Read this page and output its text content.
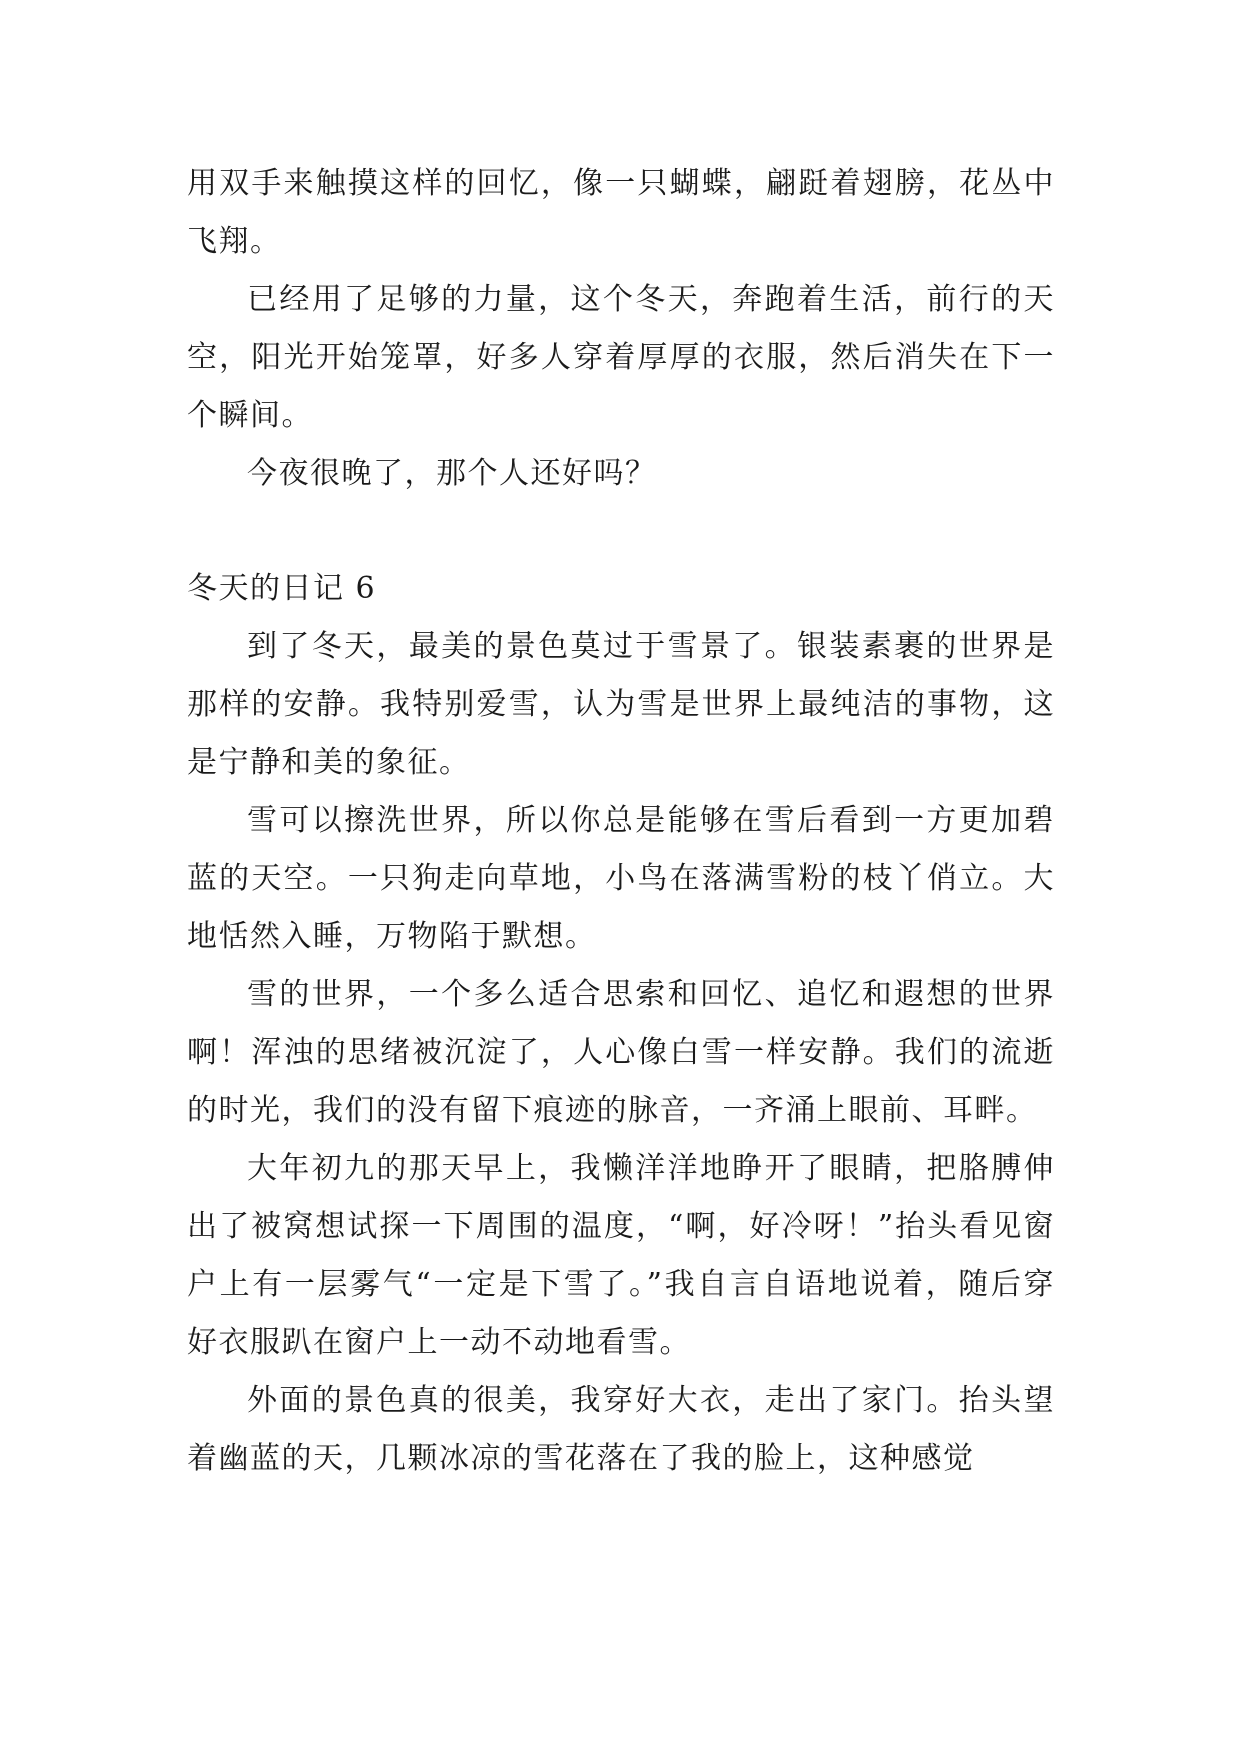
用双手来触摸这样的回忆，像一只蝴蝶，翩跹着翅膀，花丛中飞翔。

已经用了足够的力量，这个冬天，奔跑着生活，前行的天空，阳光开始笼罩，好多人穿着厚厚的衣服，然后消失在下一个瞬间。

今夜很晚了，那个人还好吗？

冬天的日记 6

到了冬天，最美的景色莫过于雪景了。银装素裹的世界是那样的安静。我特别爱雪，认为雪是世界上最纯洁的事物，这是宁静和美的象征。

雪可以擦洗世界，所以你总是能够在雪后看到一方更加碧蓝的天空。一只狗走向草地，小鸟在落满雪粉的枝丫俏立。大地恬然入睡，万物陷于默想。

雪的世界，一个多么适合思索和回忆、追忆和遐想的世界啊！浑浊的思绪被沉淀了，人心像白雪一样安静。我们的流逝的时光，我们的没有留下痕迹的脉音，一齐涌上眼前、耳畔。

大年初九的那天早上，我懒洋洋地睁开了眼睛，把胳膊伸出了被窝想试探一下周围的温度，“啊，好冷呀！”抬头看见窗户上有一层雾气“一定是下雪了。”我自言自语地说着，随后穿好衣服趴在窗户上一动不动地看雪。

外面的景色真的很美，我穿好大衣，走出了家门。抬头望着幽蓝的天，几颗冰凉的雪花落在了我的脸上，这种感觉
